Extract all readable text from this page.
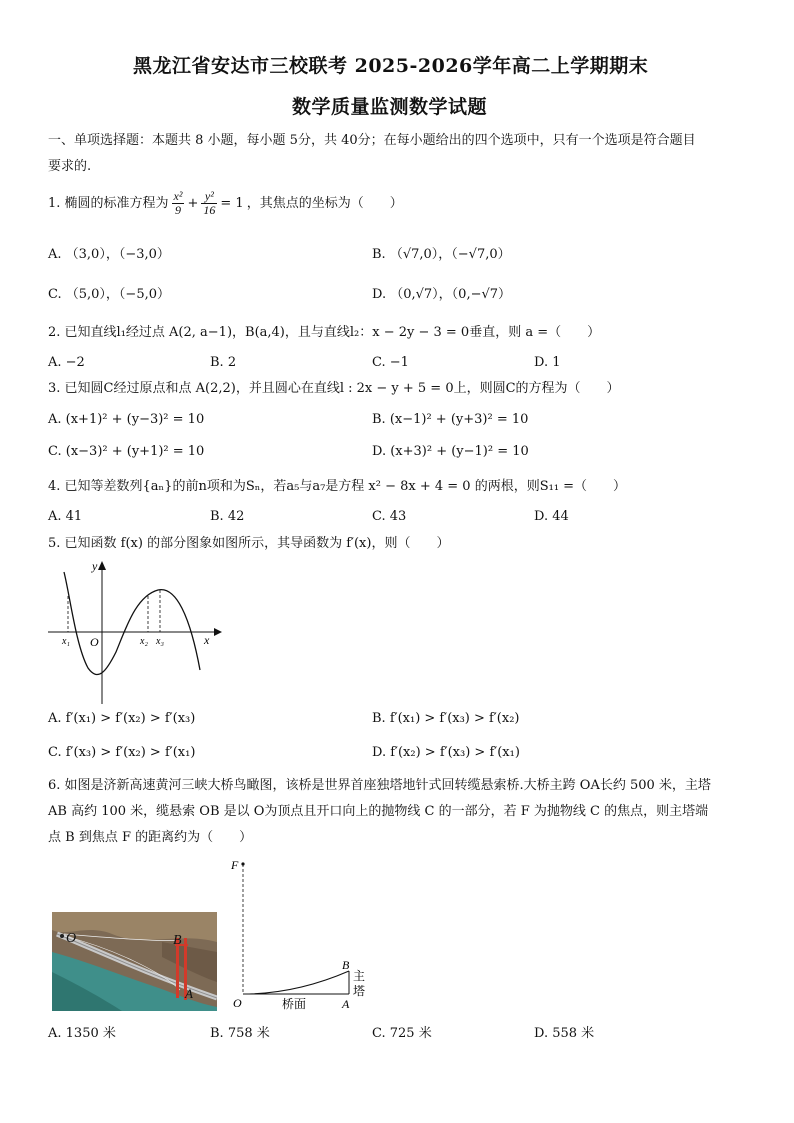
黑龙江省安达市三校联考 2025-2026学年高二上学期期末
数学质量监测数学试题
一、单项选择题：本题共 8 小题，每小题 5分，共 40分；在每小题给出的四个选项中，只有一个选项是符合题目
要求的.
1. 椭圆的标准方程为 $\frac{\text{x²}}{9} + \frac{\text{y²}}{16} = 1$ ，其焦点的坐标为（　　）
A. （3,0），（−3,0）	B. （√7,0），（−√7,0）
C. （5,0），（−5,0）	D. （0,√7），（0,−√7）
2. 已知直线l₁经过点 A(2, a−1)，B(a,4)，且与直线l₂：x − 2y − 3 = 0垂直，则 a =（　　）
A. −2	B. 2	C. −1	D. 1
3. 已知圆C经过原点和点 A(2,2)，并且圆心在直线l : 2x − y + 5 = 0上，则圆C的方程为（　　）
A. (x+1)² + (y−3)² = 10	B. (x−1)² + (y+3)² = 10
C. (x−3)² + (y+1)² = 10	D. (x+3)² + (y−1)² = 10
4. 已知等差数列{aₙ}的前n项和为Sₙ，若a₅与a₇是方程 x² − 8x + 4 = 0 的两根，则S₁₁ =（　　）
A. 41	B. 42	C. 43	D. 44
5. 已知函数 f(x) 的部分图象如图所示，其导函数为 f′(x)，则（　　）
y
x
O
x₁	x₂ x₃
A. f′(x₁) > f′(x₂) > f′(x₃)	B. f′(x₁) > f′(x₃) > f′(x₂)
C. f′(x₃) > f′(x₂) > f′(x₁)	D. f′(x₂) > f′(x₃) > f′(x₁)
6. 如图是济新高速黄河三峡大桥鸟瞰图，该桥是世界首座独塔地针式回转缆悬索桥.大桥主跨 OA长约 500 米，主塔
AB 高约 100 米，缆悬索 OB 是以 O为顶点且开口向上的抛物线 C 的一部分，若 F 为抛物线 C 的焦点，则主塔端
点 B 到焦点 F 的距离约为（　　）
O	B
A
F
B
O	A
桥面
主塔
A. 1350 米	B. 758 米	C. 725 米	D. 558 米
